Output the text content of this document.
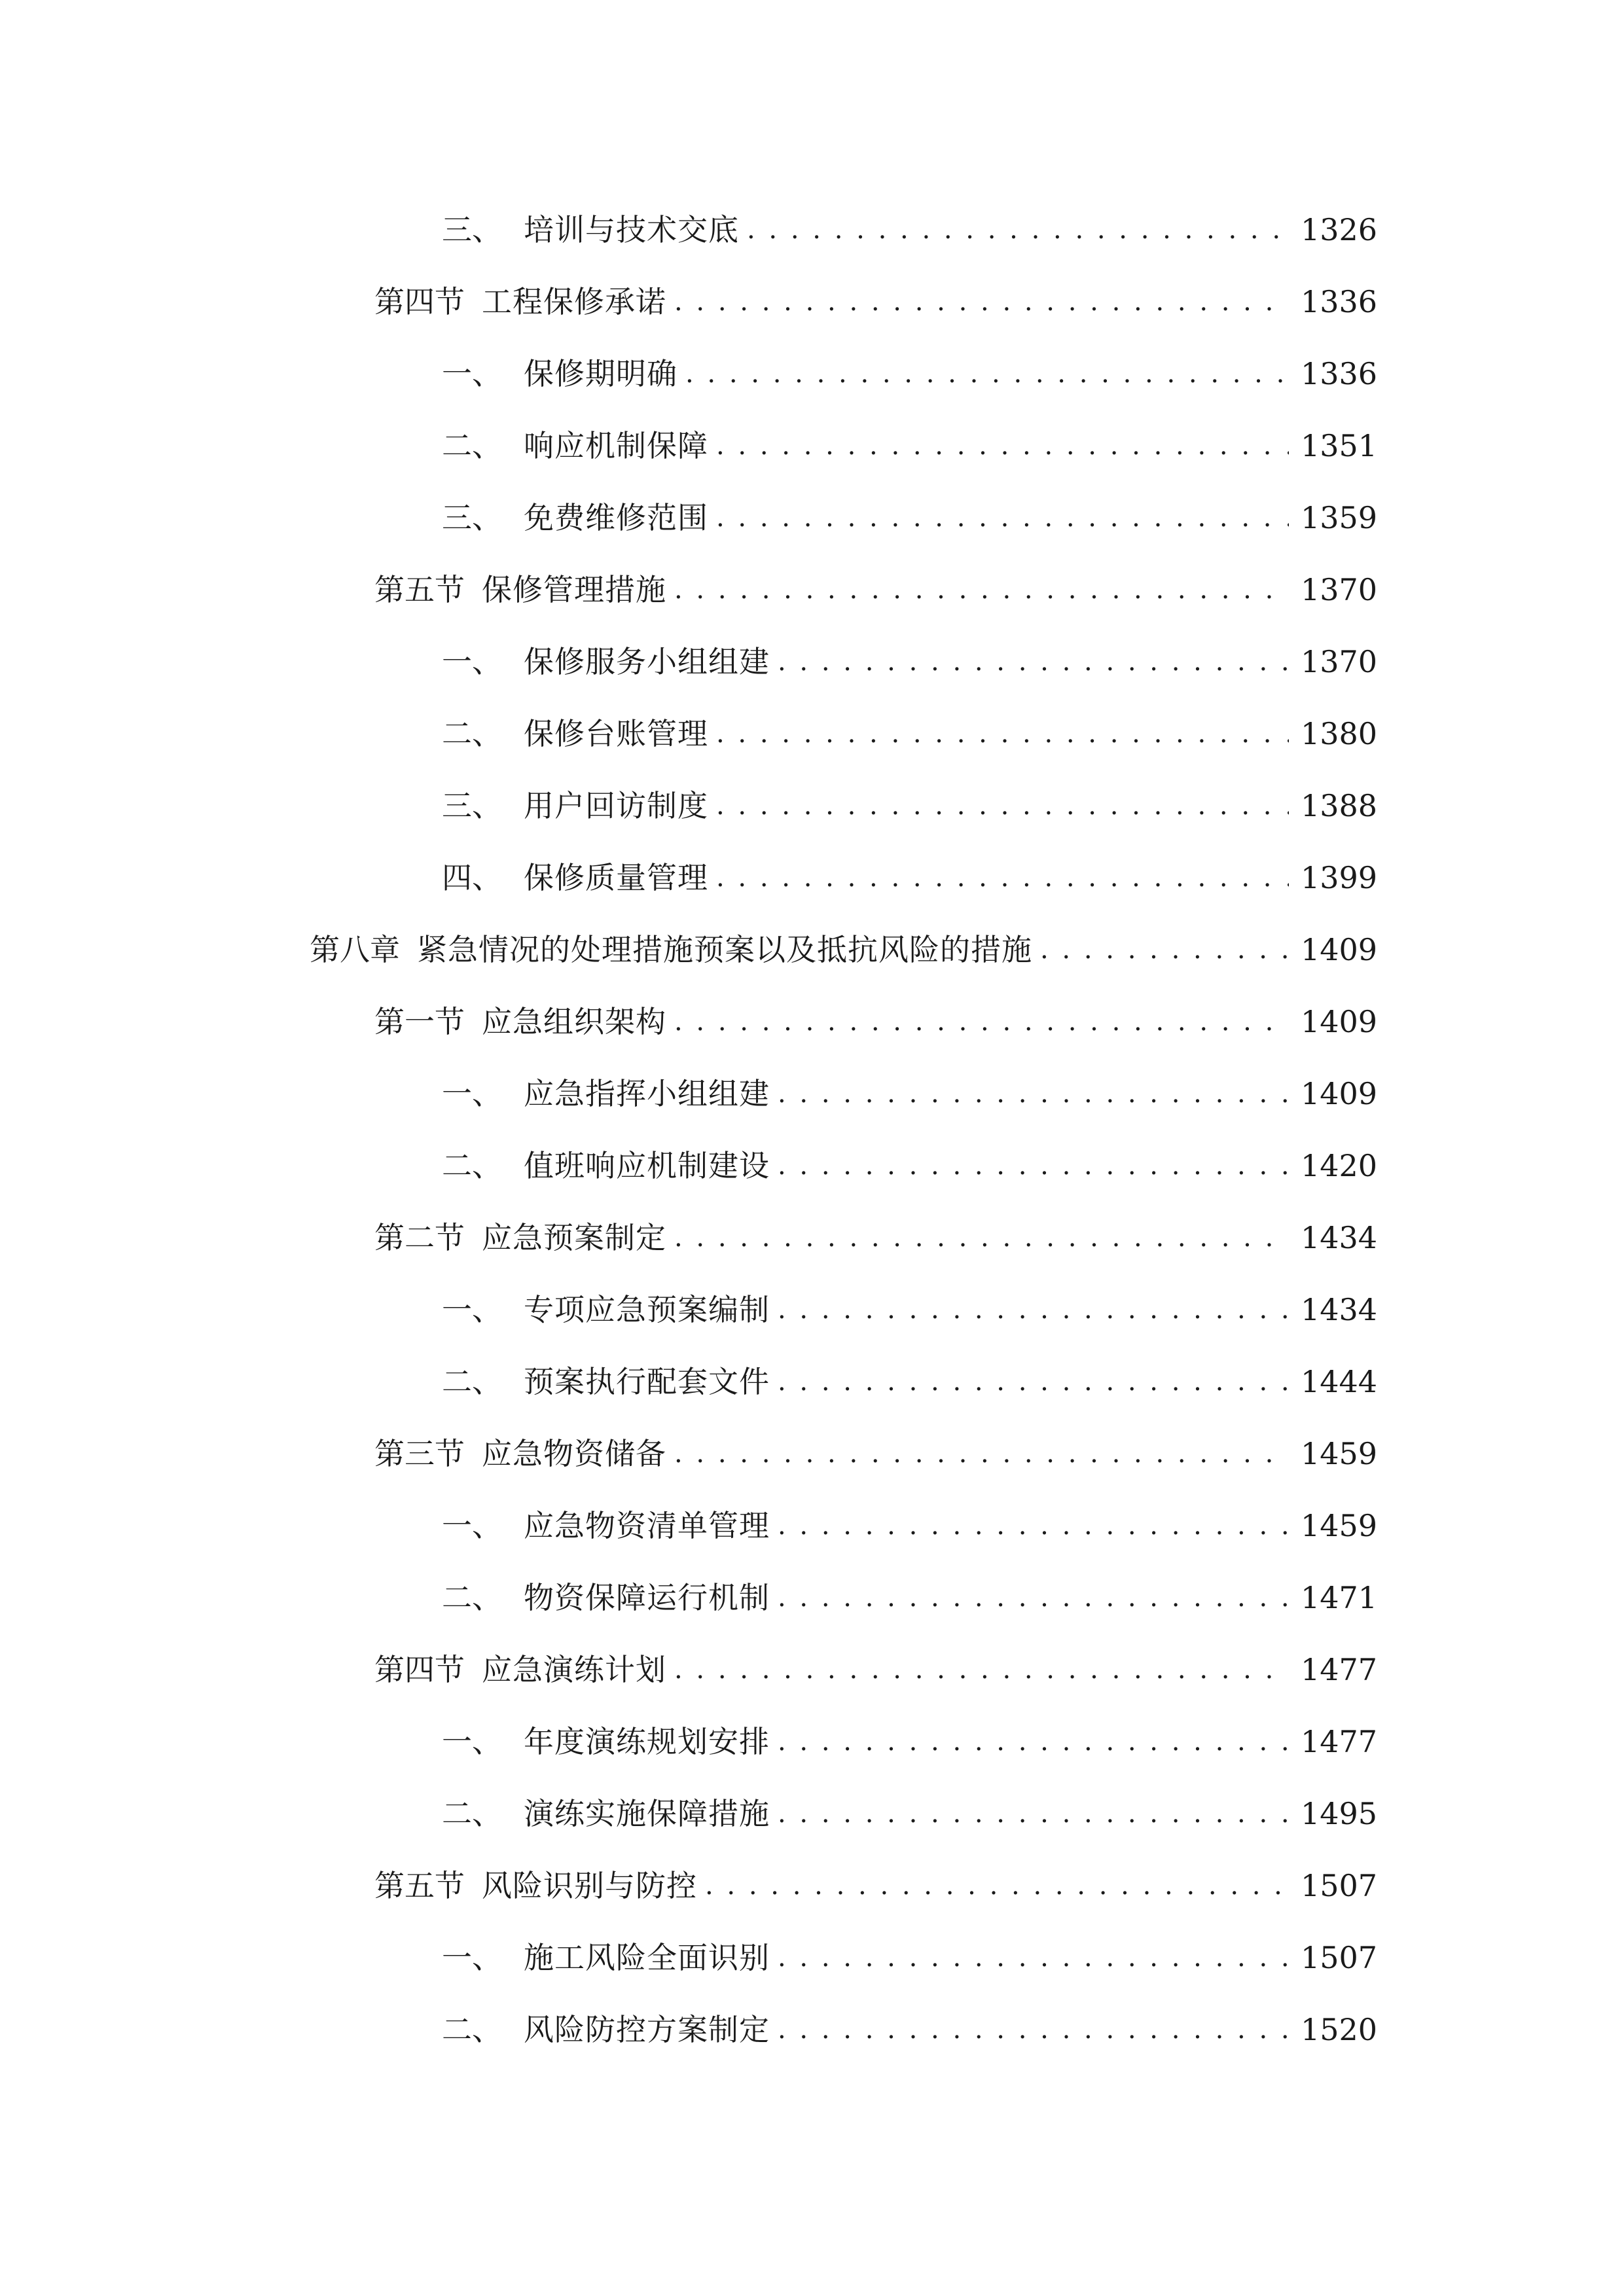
三、 培训与技术交底 . . .	1326
第四节 工程保修承诺 . . .	1336
一、 保修期明确 . . .	1336
二、 响应机制保障 . . .	1351
三、 免费维修范围 . . .	1359
第五节 保修管理措施 . . .	1370
一、 保修服务小组组建 . . .	1370
二、 保修台账管理 . . .	1380
三、 用户回访制度 . . .	1388
四、 保修质量管理 . . .	1399
第八章 紧急情况的处理措施预案以及抵抗风险的措施 . . .	1409
第一节 应急组织架构 . . .	1409
一、 应急指挥小组组建 . . .	1409
二、 值班响应机制建设 . . .	1420
第二节 应急预案制定 . . .	1434
一、 专项应急预案编制 . . .	1434
二、 预案执行配套文件 . . .	1444
第三节 应急物资储备 . . .	1459
一、 应急物资清单管理 . . .	1459
二、 物资保障运行机制 . . .	1471
第四节 应急演练计划 . . .	1477
一、 年度演练规划安排 . . .	1477
二、 演练实施保障措施 . . .	1495
第五节 风险识别与防控 . . .	1507
一、 施工风险全面识别 . . .	1507
二、 风险防控方案制定 . . .	1520
